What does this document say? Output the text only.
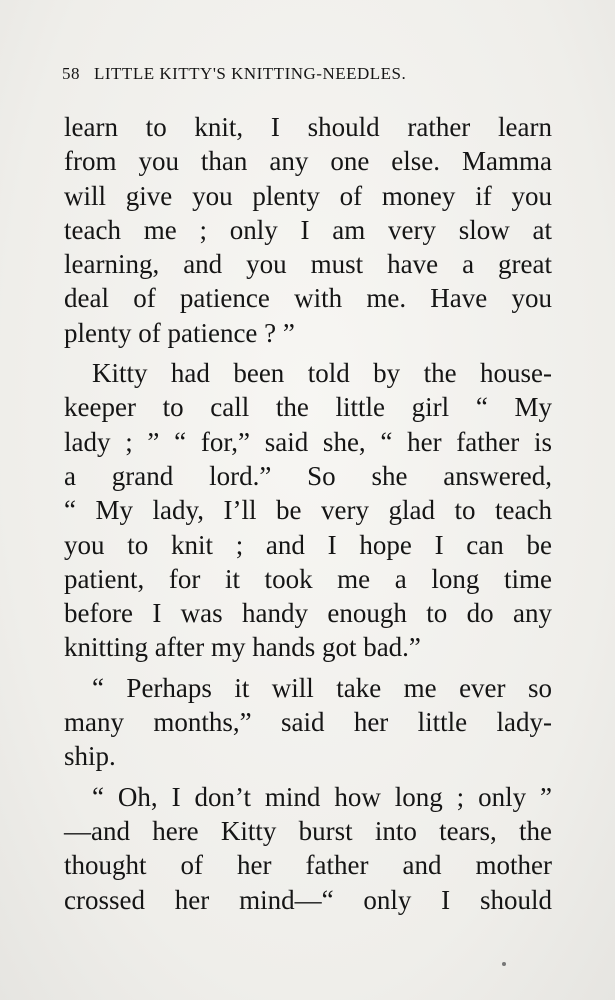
58 LITTLE KITTY'S KNITTING-NEEDLES.
learn to knit, I should rather learn
from you than any one else. Mamma
will give you plenty of money if you
teach me ; only I am very slow at
learning, and you must have a great
deal of patience with me. Have you
plenty of patience ? ”
Kitty had been told by the house-
keeper to call the little girl “ My
lady ; ” “ for,” said she, “ her father is
a grand lord.” So she answered,
“ My lady, I’ll be very glad to teach
you to knit ; and I hope I can be
patient, for it took me a long time
before I was handy enough to do any
knitting after my hands got bad.”
“ Perhaps it will take me ever so
many months,” said her little lady-
ship.
“ Oh, I don’t mind how long ; only ”
—and here Kitty burst into tears, the
thought of her father and mother
crossed her mind—“ only I should
